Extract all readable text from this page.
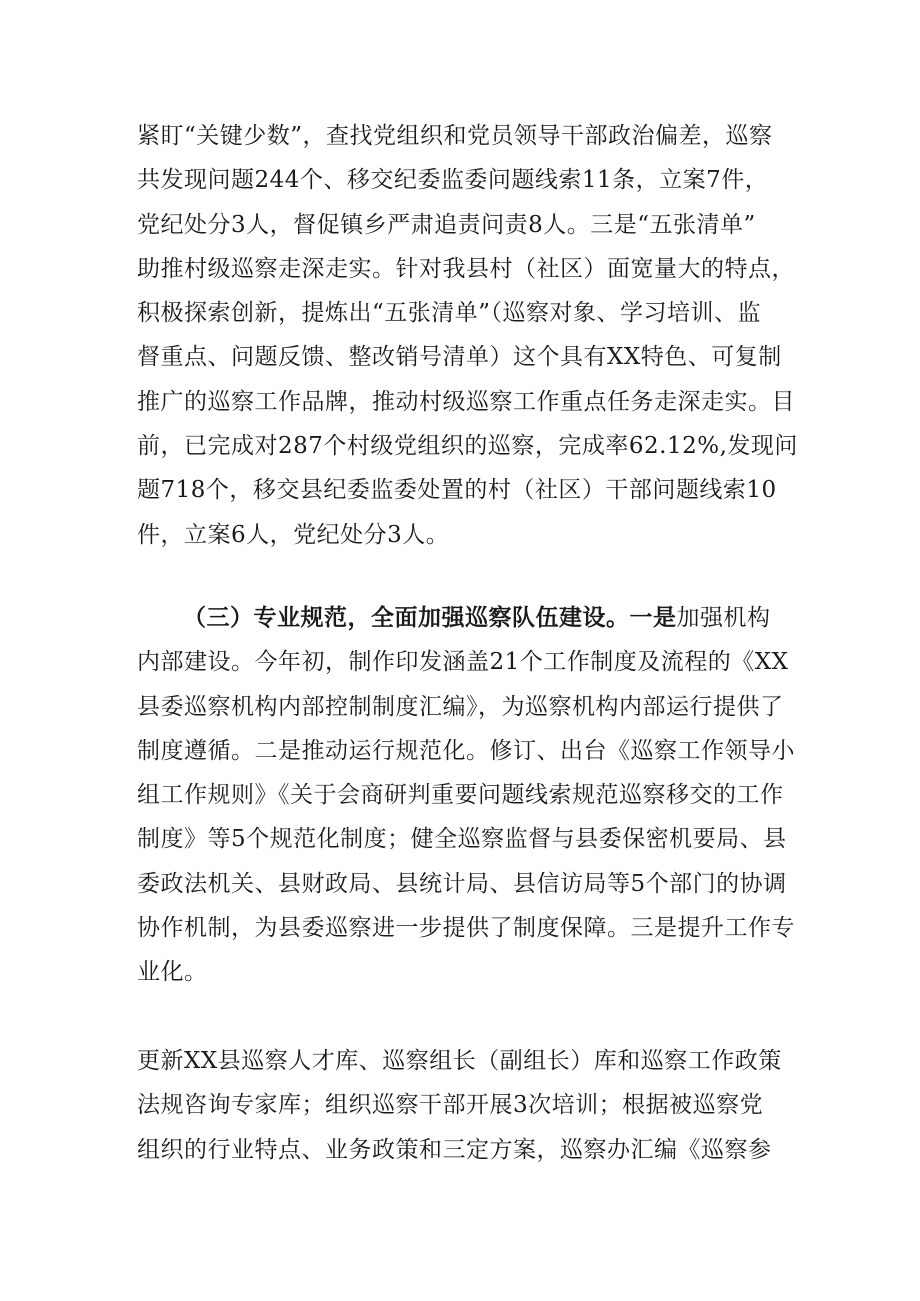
紧盯“关键少数”，查找党组织和党员领导干部政治偏差，巡察
共发现问题244个、移交纪委监委问题线索11条，立案7件，
党纪处分3人，督促镇乡严肃追责问责8人。三是“五张清单”
助推村级巡察走深走实。针对我县村（社区）面宽量大的特点，
积极探索创新，提炼出“五张清单”（巡察对象、学习培训、监
督重点、问题反馈、整改销号清单）这个具有XX特色、可复制
推广的巡察工作品牌，推动村级巡察工作重点任务走深走实。目
前，已完成对287个村级党组织的巡察，完成率62.12%,发现问
题718个，移交县纪委监委处置的村（社区）干部问题线索10
件，立案6人，党纪处分3人。
（三）专业规范，全面加强巡察队伍建设。一是加强机构
内部建设。今年初，制作印发涵盖21个工作制度及流程的《XX
县委巡察机构内部控制制度汇编》，为巡察机构内部运行提供了
制度遵循。二是推动运行规范化。修订、出台《巡察工作领导小
组工作规则》《关于会商研判重要问题线索规范巡察移交的工作
制度》等5个规范化制度；健全巡察监督与县委保密机要局、县
委政法机关、县财政局、县统计局、县信访局等5个部门的协调
协作机制，为县委巡察进一步提供了制度保障。三是提升工作专
业化。
更新XX县巡察人才库、巡察组长（副组长）库和巡察工作政策
法规咨询专家库；组织巡察干部开展3次培训；根据被巡察党
组织的行业特点、业务政策和三定方案，巡察办汇编《巡察参
